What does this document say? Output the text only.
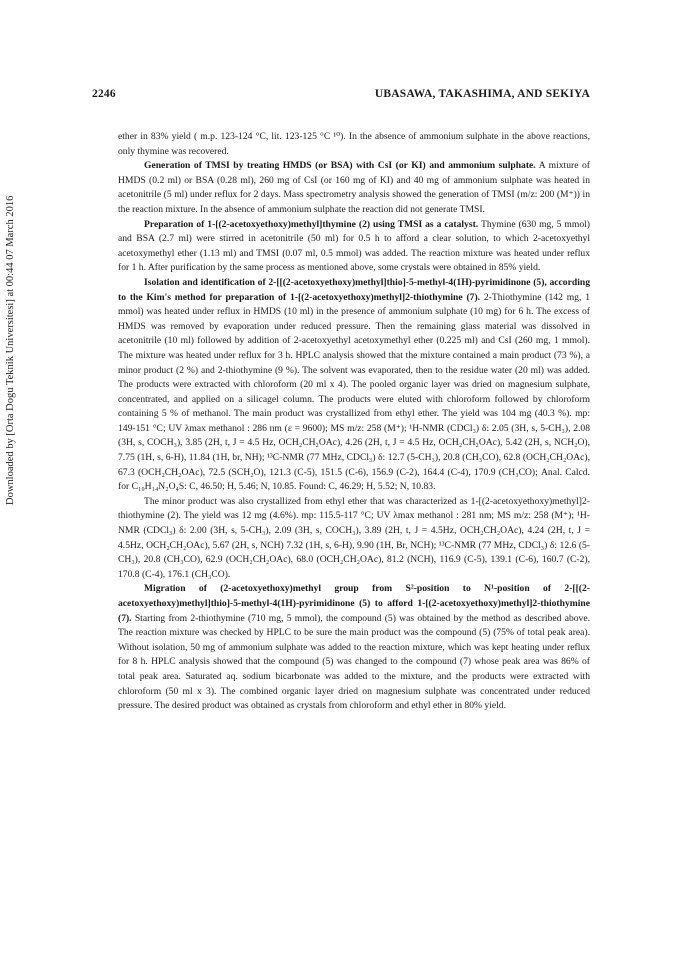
Downloaded by [Orta Dogu Teknik Universitesi] at 00:44 07 March 2016
2246	UBASAWA, TAKASHIMA, AND SEKIYA

ether in 83% yield ( m.p. 123-124 °C, lit. 123-125 °C ¹⁰). In the absence of ammonium sulphate in the above reactions, only thymine was recovered.

Generation of TMSI by treating HMDS (or BSA) with CsI (or KI) and ammonium sulphate. A mixture of HMDS (0.2 ml) or BSA (0.28 ml), 260 mg of CsI (or 160 mg of KI) and 40 mg of ammonium sulphate was heated in acetonitrile (5 ml) under reflux for 2 days. Mass spectrometry analysis showed the generation of TMSI (m/z: 200 (M⁺)) in the reaction mixture. In the absence of ammonium sulphate the reaction did not generate TMSI.

Preparation of 1-[(2-acetoxyethoxy)methyl]thymine (2) using TMSI as a catalyst. Thymine (630 mg, 5 mmol) and BSA (2.7 ml) were stirred in acetonitrile (50 ml) for 0.5 h to afford a clear solution, to which 2-acetoxyethyl acetoxymethyl ether (1.13 ml) and TMSI (0.07 ml, 0.5 mmol) was added. The reaction mixture was heated under reflux for 1 h. After purification by the same process as mentioned above, some crystals were obtained in 85% yield.

Isolation and identification of 2-[[(2-acetoxyethoxy)methyl]thio]-5-methyl-4(1H)-pyrimidinone (5), according to the Kim's method for preparation of 1-[(2-acetoxyethoxy)methyl]2-thiothymine (7). 2-Thiothymine (142 mg, 1 mmol) was heated under reflux in HMDS (10 ml) in the presence of ammonium sulphate (10 mg) for 6 h. The excess of HMDS was removed by evaporation under reduced pressure. Then the remaining glass material was dissolved in acetonitrile (10 ml) followed by addition of 2-acetoxyethyl acetoxymethyl ether (0.225 ml) and CsI (260 mg, 1 mmol). The mixture was heated under reflux for 3 h. HPLC analysis showed that the mixture contained a main product (73 %), a minor product (2 %) and 2-thiothymine (9 %). The solvent was evaporated, then to the residue water (20 ml) was added. The products were extracted with chloroform (20 ml x 4). The pooled organic layer was dried on magnesium sulphate, concentrated, and applied on a silicagel column. The products were eluted with chloroform followed by chloroform containing 5 % of methanol. The main product was crystallized from ethyl ether. The yield was 104 mg (40.3 %). mp: 149-151 °C; UV λmax methanol : 286 nm (ε = 9600); MS m/z: 258 (M⁺); ¹H-NMR (CDCl₃) δ: 2.05 (3H, s, 5-CH₃), 2.08 (3H, s, COCH₃), 3.85 (2H, t, J = 4.5 Hz, OCH₂CH₂OAc), 4.26 (2H, t, J = 4.5 Hz, OCH₂CH₂OAc), 5.42 (2H, s, NCH₂O), 7.75 (1H, s, 6-H), 11.84 (1H, br, NH); ¹³C-NMR (77 MHz, CDCl₃) δ: 12.7 (5-CH₃), 20.8 (CH₃CO), 62.8 (OCH₂CH₂OAc), 67.3 (OCH₂CH₂OAc), 72.5 (SCH₂O), 121.3 (C-5), 151.5 (C-6), 156.9 (C-2), 164.4 (C-4), 170.9 (CH₃CO); Anal. Calcd. for C₁₀H₁₄N₂O₄S: C, 46.50; H, 5.46; N, 10.85. Found: C, 46.29; H, 5.52; N, 10.83.

The minor product was also crystallized from ethyl ether that was characterized as 1-[(2-acetoxyethoxy)methyl]2-thiothymine (2). The yield was 12 mg (4.6%). mp: 115.5-117 °C; UV λmax methanol : 281 nm; MS m/z: 258 (M⁺); ¹H-NMR (CDCl₃) δ: 2.00 (3H, s, 5-CH₃), 2.09 (3H, s, COCH₃), 3.89 (2H, t, J = 4.5Hz, OCH₂CH₂OAc), 4.24 (2H, t, J = 4.5Hz, OCH₂CH₂OAc), 5.67 (2H, s, NCH) 7.32 (1H, s, 6-H), 9.90 (1H, Br, NCH); ¹³C-NMR (77 MHz, CDCl₃) δ: 12.6 (5-CH₃), 20.8 (CH₃CO), 62.9 (OCH₂CH₂OAc), 68.0 (OCH₂CH₂OAc), 81.2 (NCH), 116.9 (C-5), 139.1 (C-6), 160.7 (C-2), 170.8 (C-4), 176.1 (CH₃CO).

Migration of (2-acetoxyethoxy)methyl group from S²-position to N¹-position of 2-[[(2-acetoxyethoxy)methyl]thio]-5-methyl-4(1H)-pyrimidinone (5) to afford 1-[(2-acetoxyethoxy)methyl]2-thiothymine (7). Starting from 2-thiothymine (710 mg, 5 mmol), the compound (5) was obtained by the method as described above. The reaction mixture was checked by HPLC to be sure the main product was the compound (5) (75% of total peak area). Without isolation, 50 mg of ammonium sulphate was added to the reaction mixture, which was kept heating under reflux for 8 h. HPLC analysis showed that the compound (5) was changed to the compound (7) whose peak area was 86% of total peak area. Saturated aq. sodium bicarbonate was added to the mixture, and the products were extracted with chloroform (50 ml x 3). The combined organic layer dried on magnesium sulphate was concentrated under reduced pressure. The desired product was obtained as crystals from chloroform and ethyl ether in 80% yield.
